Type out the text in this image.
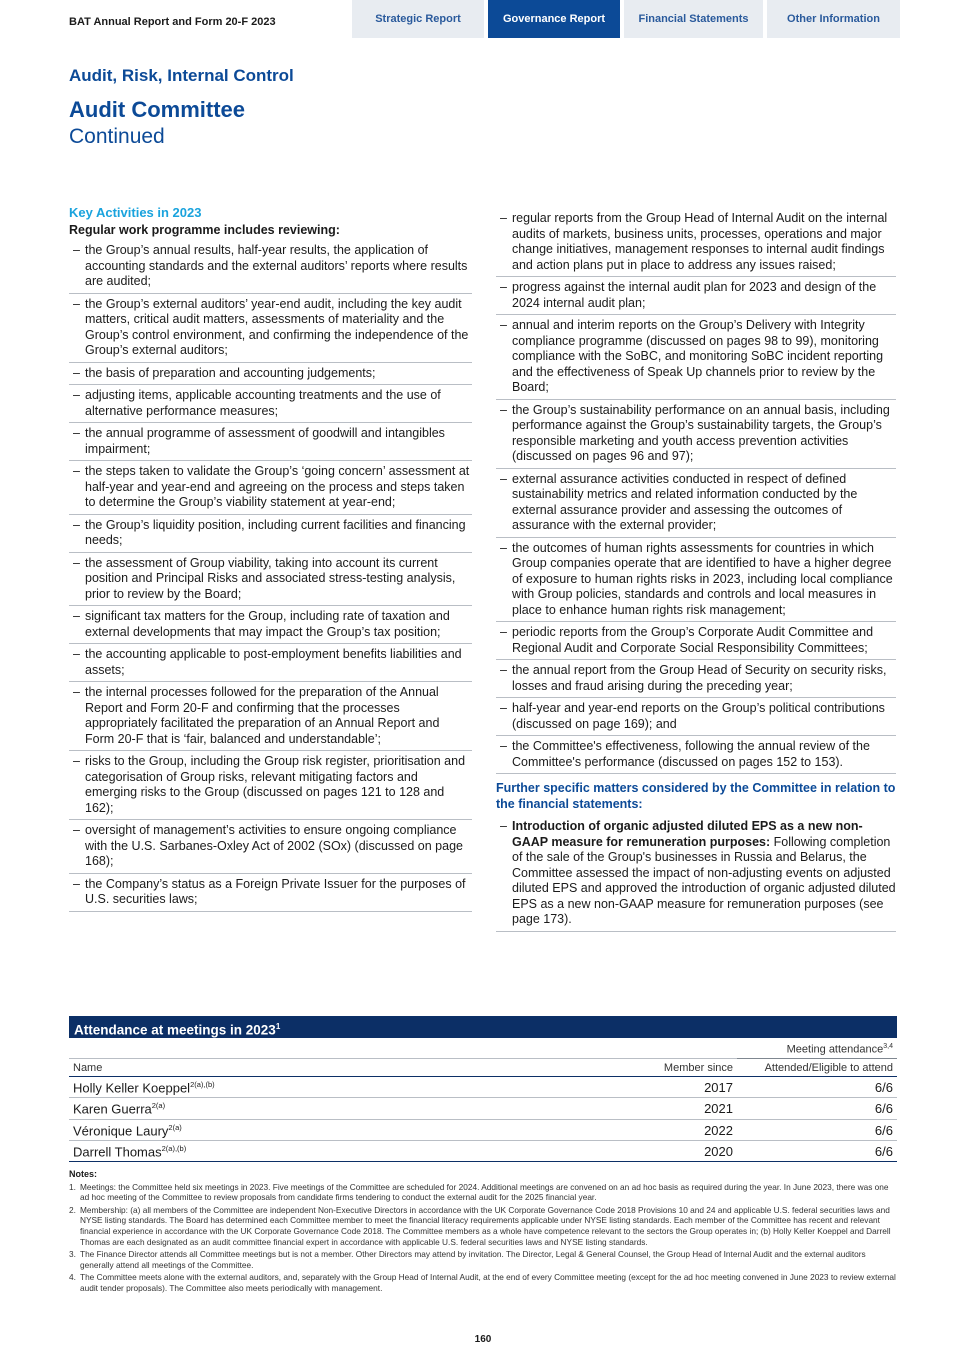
BAT Annual Report and Form 20-F 2023	Strategic Report	Governance Report	Financial Statements	Other Information
Audit, Risk, Internal Control
Audit Committee
Continued
Key Activities in 2023
Regular work programme includes reviewing:
– the Group’s annual results, half-year results, the application of accounting standards and the external auditors’ reports where results are audited;
– the Group’s external auditors’ year-end audit, including the key audit matters, critical audit matters, assessments of materiality and the Group’s control environment, and confirming the independence of the Group’s external auditors;
– the basis of preparation and accounting judgements;
– adjusting items, applicable accounting treatments and the use of alternative performance measures;
– the annual programme of assessment of goodwill and intangibles impairment;
– the steps taken to validate the Group’s ‘going concern’ assessment at half-year and year-end and agreeing on the process and steps taken to determine the Group’s viability statement at year-end;
– the Group’s liquidity position, including current facilities and financing needs;
– the assessment of Group viability, taking into account its current position and Principal Risks and associated stress-testing analysis, prior to review by the Board;
– significant tax matters for the Group, including rate of taxation and external developments that may impact the Group’s tax position;
– the accounting applicable to post-employment benefits liabilities and assets;
– the internal processes followed for the preparation of the Annual Report and Form 20-F and confirming that the processes appropriately facilitated the preparation of an Annual Report and Form 20-F that is ‘fair, balanced and understandable’;
– risks to the Group, including the Group risk register, prioritisation and categorisation of Group risks, relevant mitigating factors and emerging risks to the Group (discussed on pages 121 to 128 and 162);
– oversight of management’s activities to ensure ongoing compliance with the U.S. Sarbanes-Oxley Act of 2002 (SOx) (discussed on page 168);
– the Company’s status as a Foreign Private Issuer for the purposes of U.S. securities laws;
– regular reports from the Group Head of Internal Audit on the internal audits of markets, business units, processes, operations and major change initiatives, management responses to internal audit findings and action plans put in place to address any issues raised;
– progress against the internal audit plan for 2023 and design of the 2024 internal audit plan;
– annual and interim reports on the Group’s Delivery with Integrity compliance programme (discussed on pages 98 to 99), monitoring compliance with the SoBC, and monitoring SoBC incident reporting and the effectiveness of Speak Up channels prior to review by the Board;
– the Group’s sustainability performance on an annual basis, including performance against the Group’s sustainability targets, the Group’s responsible marketing and youth access prevention activities (discussed on pages 96 and 97);
– external assurance activities conducted in respect of defined sustainability metrics and related information conducted by the external assurance provider and assessing the outcomes of assurance with the external provider;
– the outcomes of human rights assessments for countries in which Group companies operate that are identified to have a higher degree of exposure to human rights risks in 2023, including local compliance with Group policies, standards and controls and local measures in place to enhance human rights risk management;
– periodic reports from the Group’s Corporate Audit Committee and Regional Audit and Corporate Social Responsibility Committees;
– the annual report from the Group Head of Security on security risks, losses and fraud arising during the preceding year;
– half-year and year-end reports on the Group’s political contributions (discussed on page 169); and
– the Committee's effectiveness, following the annual review of the Committee's performance (discussed on pages 152 to 153).
Further specific matters considered by the Committee in relation to the financial statements:
– Introduction of organic adjusted diluted EPS as a new non-GAAP measure for remuneration purposes: Following completion of the sale of the Group's businesses in Russia and Belarus, the Committee assessed the impact of non-adjusting events on adjusted diluted EPS and approved the introduction of organic adjusted diluted EPS as a new non-GAAP measure for remuneration purposes (see page 173).
Attendance at meetings in 2023$^1$
Meeting attendance$^{3,4}$
Name	Member since	Attended/Eligible to attend
Holly Keller Koeppel$^{2(a),(b)}$	2017	6/6
Karen Guerra$^{2(a)}$	2021	6/6
Véronique Laury$^{2(a)}$	2022	6/6
Darrell Thomas$^{2(a),(b)}$	2020	6/6
Notes:
1. Meetings: the Committee held six meetings in 2023. Five meetings of the Committee are scheduled for 2024. Additional meetings are convened on an ad hoc basis as required during the year. In June 2023, there was one ad hoc meeting of the Committee to review proposals from candidate firms tendering to conduct the external audit for the 2025 financial year.
2. Membership: (a) all members of the Committee are independent Non-Executive Directors in accordance with the UK Corporate Governance Code 2018 Provisions 10 and 24 and applicable U.S. federal securities laws and NYSE listing standards. The Board has determined each Committee member to meet the financial literacy requirements applicable under NYSE listing standards. Each member of the Committee has recent and relevant financial experience in accordance with the UK Corporate Governance Code 2018. The Committee members as a whole have competence relevant to the sectors the Group operates in; (b) Holly Keller Koeppel and Darrell Thomas are each designated as an audit committee financial expert in accordance with applicable U.S. federal securities laws and NYSE listing standards.
3. The Finance Director attends all Committee meetings but is not a member. Other Directors may attend by invitation. The Director, Legal & General Counsel, the Group Head of Internal Audit and the external auditors generally attend all meetings of the Committee.
4. The Committee meets alone with the external auditors, and, separately with the Group Head of Internal Audit, at the end of every Committee meeting (except for the ad hoc meeting convened in June 2023 to review external audit tender proposals). The Committee also meets periodically with management.
160
